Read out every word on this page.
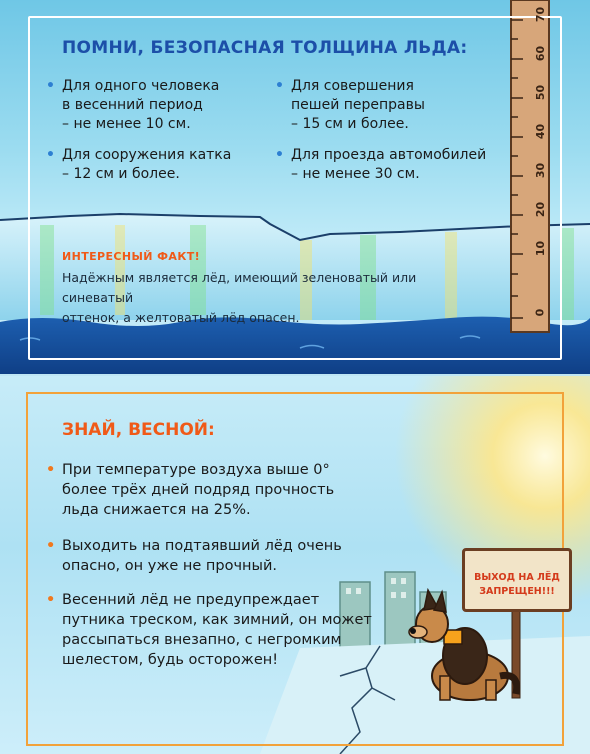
ПОМНИ, БЕЗОПАСНАЯ ТОЛЩИНА ЛЬДА:
• Для одного человека
в весенний период
– не менее 10 см.
• Для совершения
пешей переправы
– 15 см и более.
• Для сооружения катка
– 12 см и более.
• Для проезда автомобилей
– не менее 30 см.
ИНТЕРЕСНЫЙ ФАКТ!
Надёжным является лёд, имеющий зеленоватый или синеватый
оттенок, а желтоватый лёд опасен.
70
60
50
40
30
20
10
0
ЗНАЙ, ВЕСНОЙ:
• При температуре воздуха выше 0°
более трёх дней подряд прочность
льда снижается на 25%.
• Выходить на подтаявший лёд очень
опасно, он уже не прочный.
• Весенний лёд не предупреждает
путника треском, как зимний, он может
рассыпаться внезапно, с негромким
шелестом, будь осторожен!
ВЫХОД НА ЛЁД
ЗАПРЕЩЕН!!!
